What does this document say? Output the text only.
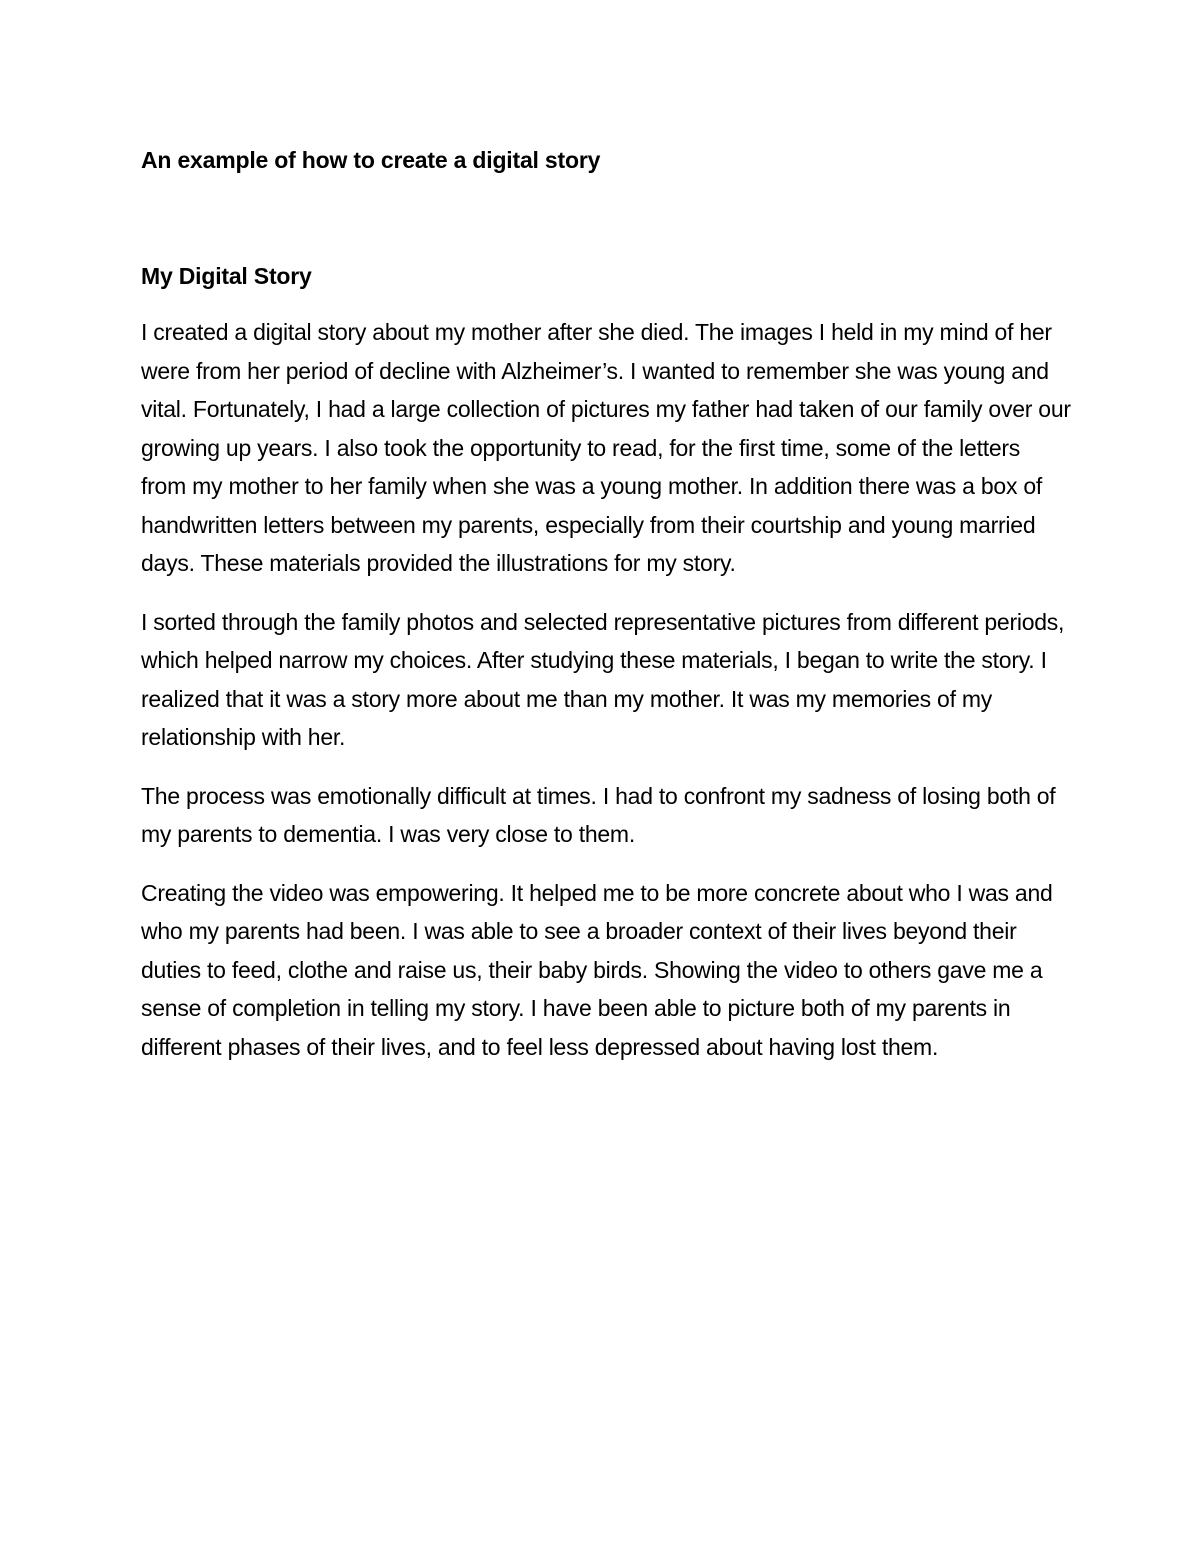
An example of how to create a digital story
My Digital Story

I created a digital story about my mother after she died. The images I held in my mind of her were from her period of decline with Alzheimer’s. I wanted to remember she was young and vital. Fortunately, I had a large collection of pictures my father had taken of our family over our growing up years. I also took the opportunity to read, for the first time, some of the letters from my mother to her family when she was a young mother. In addition there was a box of handwritten letters between my parents, especially from their courtship and young married days. These materials provided the illustrations for my story.

I sorted through the family photos and selected representative pictures from different periods, which helped narrow my choices. After studying these materials, I began to write the story. I realized that it was a story more about me than my mother. It was my memories of my relationship with her.

The process was emotionally difficult at times. I had to confront my sadness of losing both of my parents to dementia. I was very close to them.

Creating the video was empowering. It helped me to be more concrete about who I was and who my parents had been. I was able to see a broader context of their lives beyond their duties to feed, clothe and raise us, their baby birds. Showing the video to others gave me a sense of completion in telling my story. I have been able to picture both of my parents in different phases of their lives, and to feel less depressed about having lost them.
